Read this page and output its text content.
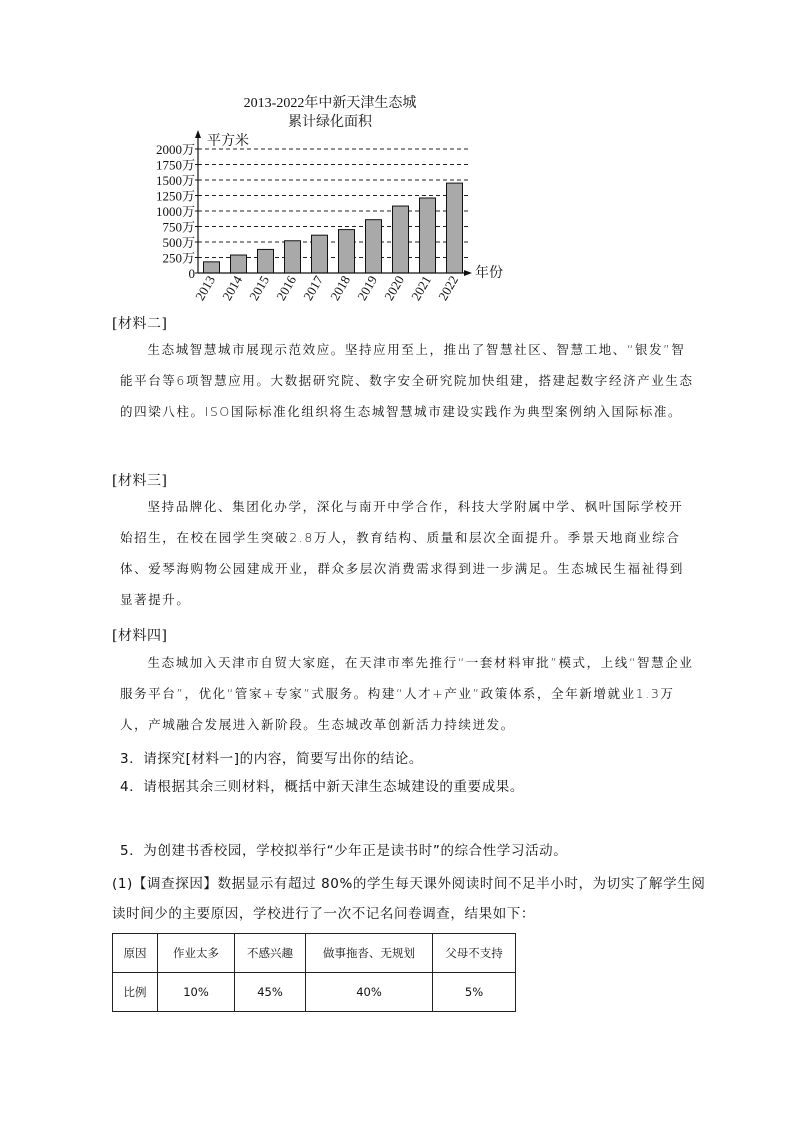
2013-2022年中新天津生态城
累计绿化面积
平方米
年份
0
250万
500万
750万
1000万
1250万
1500万
1750万
2000万
2013 2014 2015 2016 2017 2018 2019 2020 2021 2022
[材料二]
生态城智慧城市展现示范效应。坚持应用至上，推出了智慧社区、智慧工地、“银发”智能平台等6项智慧应用。大数据研究院、数字安全研究院加快组建，搭建起数字经济产业生态的四梁八柱。ISO国际标准化组织将生态城智慧城市建设实践作为典型案例纳入国际标准。
[材料三]
坚持品牌化、集团化办学，深化与南开中学合作，科技大学附属中学、枫叶国际学校开始招生，在校在园学生突破2.8万人，教育结构、质量和层次全面提升。季景天地商业综合体、爱琴海购物公园建成开业，群众多层次消费需求得到进一步满足。生态城民生福祉得到显著提升。
[材料四]
生态城加入天津市自贸大家庭，在天津市率先推行“一套材料审批”模式，上线“智慧企业服务平台”，优化“管家+专家”式服务。构建“人才+产业”政策体系，全年新增就业1.3万人，产城融合发展进入新阶段。生态城改革创新活力持续迸发。
3．请探究[材料一]的内容，简要写出你的结论。
4．请根据其余三则材料，概括中新天津生态城建设的重要成果。
5．为创建书香校园，学校拟举行“少年正是读书时”的综合性学习活动。
(1)【调查探因】数据显示有超过 80%的学生每天课外阅读时间不足半小时，为切实了解学生阅读时间少的主要原因，学校进行了一次不记名问卷调查，结果如下：
原因	作业太多	不感兴趣	做事拖沓、无规划	父母不支持
比例	10%	45%	40%	5%
